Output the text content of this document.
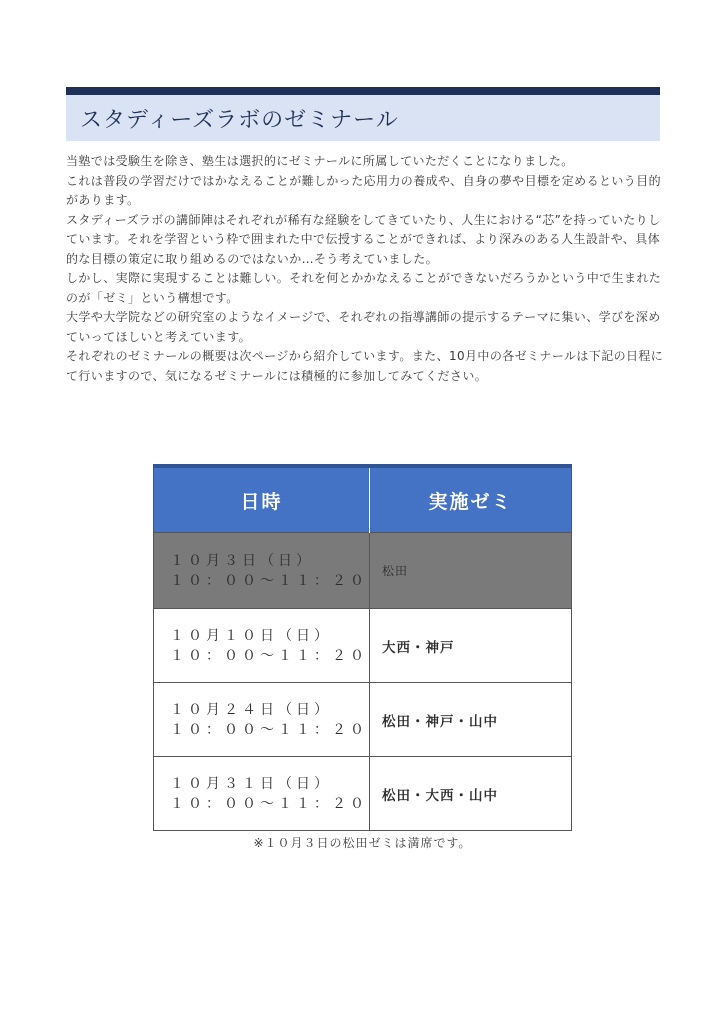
スタディーズラボのゼミナール

当塾では受験生を除き、塾生は選択的にゼミナールに所属していただくことになりました。

これは普段の学習だけではかなえることが難しかった応用力の養成や、自身の夢や目標を定めるという目的があります。

スタディーズラボの講師陣はそれぞれが稀有な経験をしてきていたり、人生における“芯”を持っていたりしています。それを学習という枠で囲まれた中で伝授することができれば、より深みのある人生設計や、具体的な目標の策定に取り組めるのではないか…そう考えていました。

しかし、実際に実現することは難しい。それを何とかかなえることができないだろうかという中で生まれたのが「ゼミ」という構想です。

大学や大学院などの研究室のようなイメージで、それぞれの指導講師の提示するテーマに集い、学びを深めていってほしいと考えています。

それぞれのゼミナールの概要は次ページから紹介しています。また、10月中の各ゼミナールは下記の日程にて行いますので、気になるゼミナールには積極的に参加してみてください。

日時	実施ゼミ

１０月３日（日）
１０：００～１１：２０	松田

１０月１０日（日）
１０：００～１１：２０	大西・神戸

１０月２４日（日）
１０：００～１１：２０	松田・神戸・山中

１０月３１日（日）
１０：００～１１：２０	松田・大西・山中
※１０月３日の松田ゼミは満席です。
